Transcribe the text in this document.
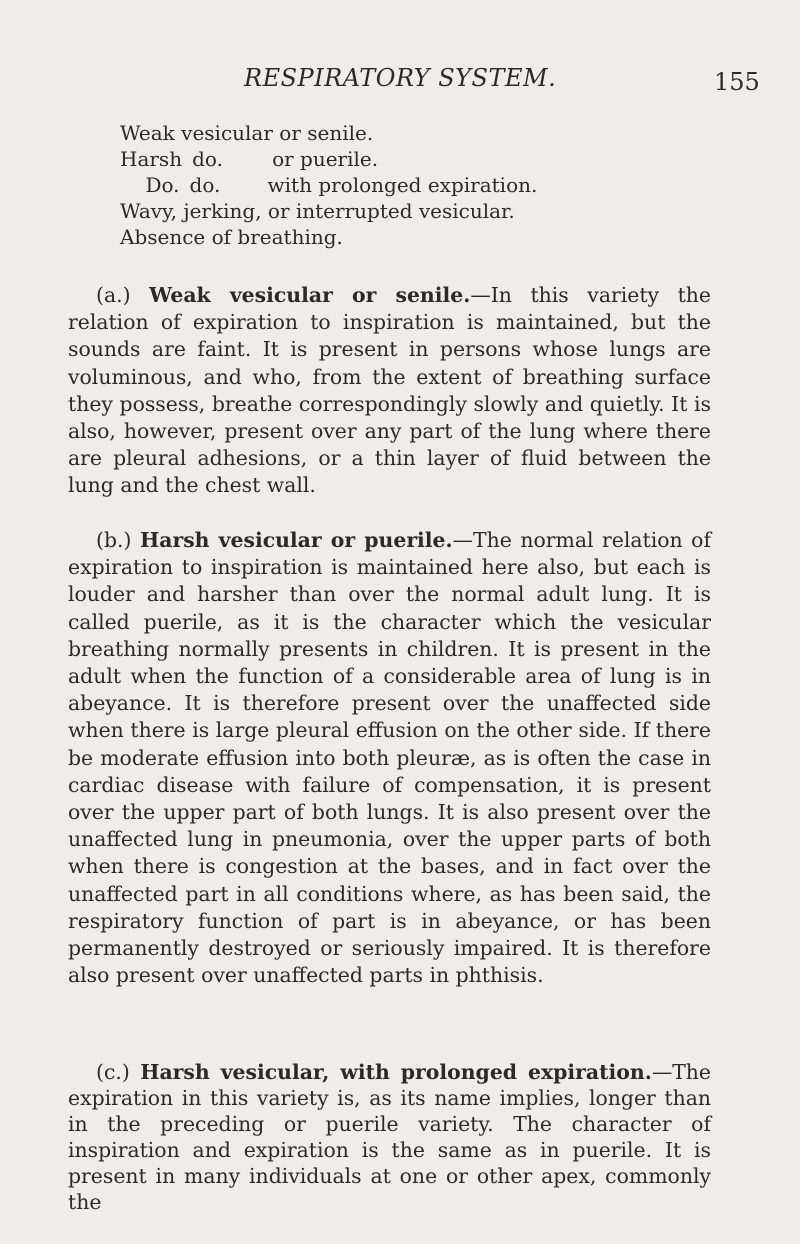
RESPIRATORY SYSTEM.	155
Weak vesicular or senile.
Harsh do. or puerile.
Do. do. with prolonged expiration.
Wavy, jerking, or interrupted vesicular.
Absence of breathing.

(a.) Weak vesicular or senile.—In this variety the relation of expiration to inspiration is maintained, but the sounds are faint. It is present in persons whose lungs are voluminous, and who, from the extent of breathing surface they possess, breathe correspondingly slowly and quietly. It is also, however, present over any part of the lung where there are pleural adhesions, or a thin layer of fluid between the lung and the chest wall.

(b.) Harsh vesicular or puerile.—The normal relation of expiration to inspiration is maintained here also, but each is louder and harsher than over the normal adult lung. It is called puerile, as it is the character which the vesicular breathing normally presents in children. It is present in the adult when the function of a considerable area of lung is in abeyance. It is therefore present over the unaffected side when there is large pleural effusion on the other side. If there be moderate effusion into both pleuræ, as is often the case in cardiac disease with failure of compensation, it is present over the upper part of both lungs. It is also present over the unaffected lung in pneumonia, over the upper parts of both when there is congestion at the bases, and in fact over the unaffected part in all conditions where, as has been said, the respiratory function of part is in abeyance, or has been permanently destroyed or seriously impaired. It is therefore also present over unaffected parts in phthisis.

(c.) Harsh vesicular, with prolonged expiration.—The expiration in this variety is, as its name implies, longer than in the preceding or puerile variety. The character of inspiration and expiration is the same as in puerile. It is present in many individuals at one or other apex, commonly the
